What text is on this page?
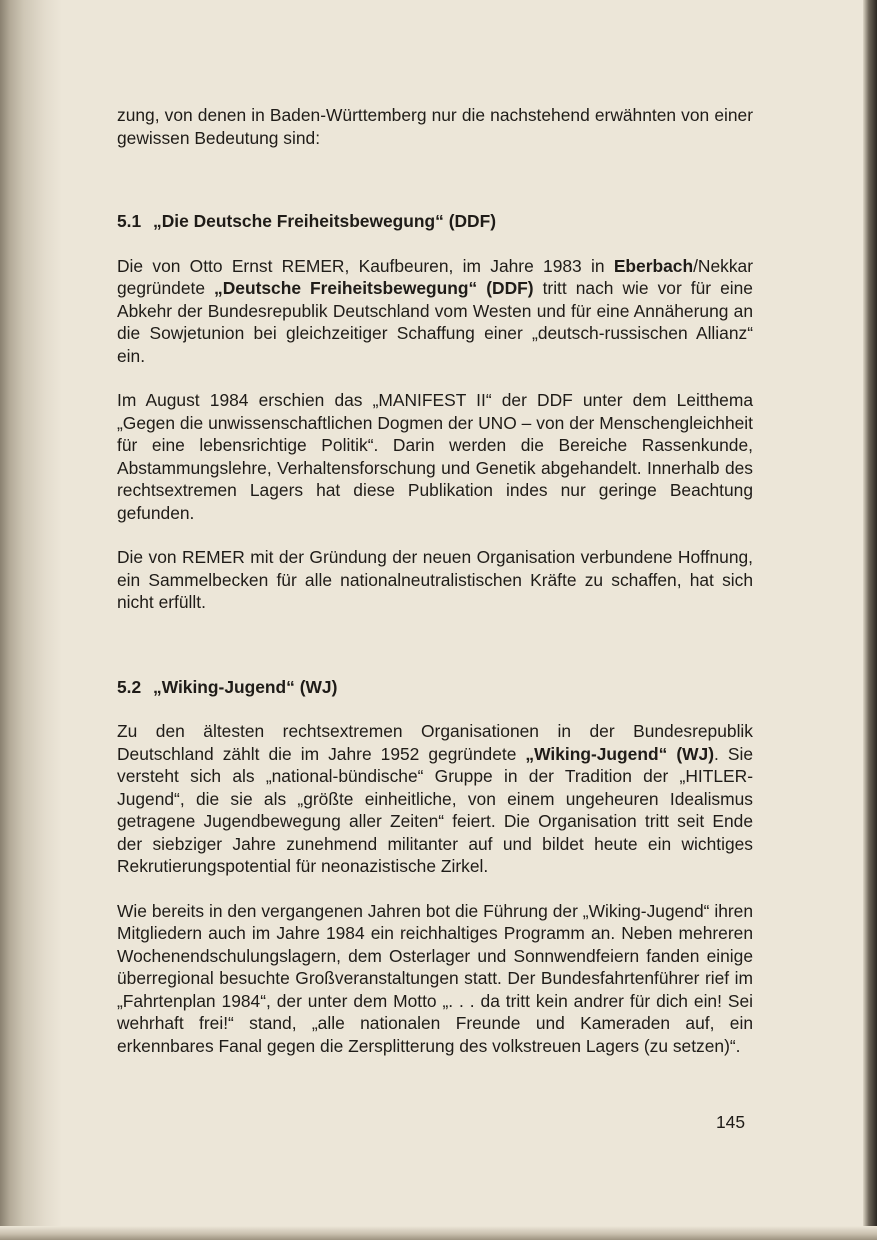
zung, von denen in Baden-Württemberg nur die nachstehend erwähnten von einer gewissen Bedeutung sind:

5.1 „Die Deutsche Freiheitsbewegung“ (DDF)

Die von Otto Ernst REMER, Kaufbeuren, im Jahre 1983 in Eberbach/Nekkar gegründete „Deutsche Freiheitsbewegung“ (DDF) tritt nach wie vor für eine Abkehr der Bundesrepublik Deutschland vom Westen und für eine Annäherung an die Sowjetunion bei gleichzeitiger Schaffung einer „deutsch-russischen Allianz“ ein.

Im August 1984 erschien das „MANIFEST II“ der DDF unter dem Leitthema „Gegen die unwissenschaftlichen Dogmen der UNO – von der Menschengleichheit für eine lebensrichtige Politik“. Darin werden die Bereiche Rassenkunde, Abstammungslehre, Verhaltensforschung und Genetik abgehandelt. Innerhalb des rechtsextremen Lagers hat diese Publikation indes nur geringe Beachtung gefunden.

Die von REMER mit der Gründung der neuen Organisation verbundene Hoffnung, ein Sammelbecken für alle nationalneutralistischen Kräfte zu schaffen, hat sich nicht erfüllt.

5.2 „Wiking-Jugend“ (WJ)

Zu den ältesten rechtsextremen Organisationen in der Bundesrepublik Deutschland zählt die im Jahre 1952 gegründete „Wiking-Jugend“ (WJ). Sie versteht sich als „national-bündische“ Gruppe in der Tradition der „HITLER-Jugend“, die sie als „größte einheitliche, von einem ungeheuren Idealismus getragene Jugendbewegung aller Zeiten“ feiert. Die Organisation tritt seit Ende der siebziger Jahre zunehmend militanter auf und bildet heute ein wichtiges Rekrutierungspotential für neonazistische Zirkel.

Wie bereits in den vergangenen Jahren bot die Führung der „Wiking-Jugend“ ihren Mitgliedern auch im Jahre 1984 ein reichhaltiges Programm an. Neben mehreren Wochenendschulungslagern, dem Osterlager und Sonnwendfeiern fanden einige überregional besuchte Großveranstaltungen statt. Der Bundesfahrtenführer rief im „Fahrtenplan 1984“, der unter dem Motto „. . . da tritt kein andrer für dich ein! Sei wehrhaft frei!“ stand, „alle nationalen Freunde und Kameraden auf, ein erkennbares Fanal gegen die Zersplitterung des volkstreuen Lagers (zu setzen)“.

145
